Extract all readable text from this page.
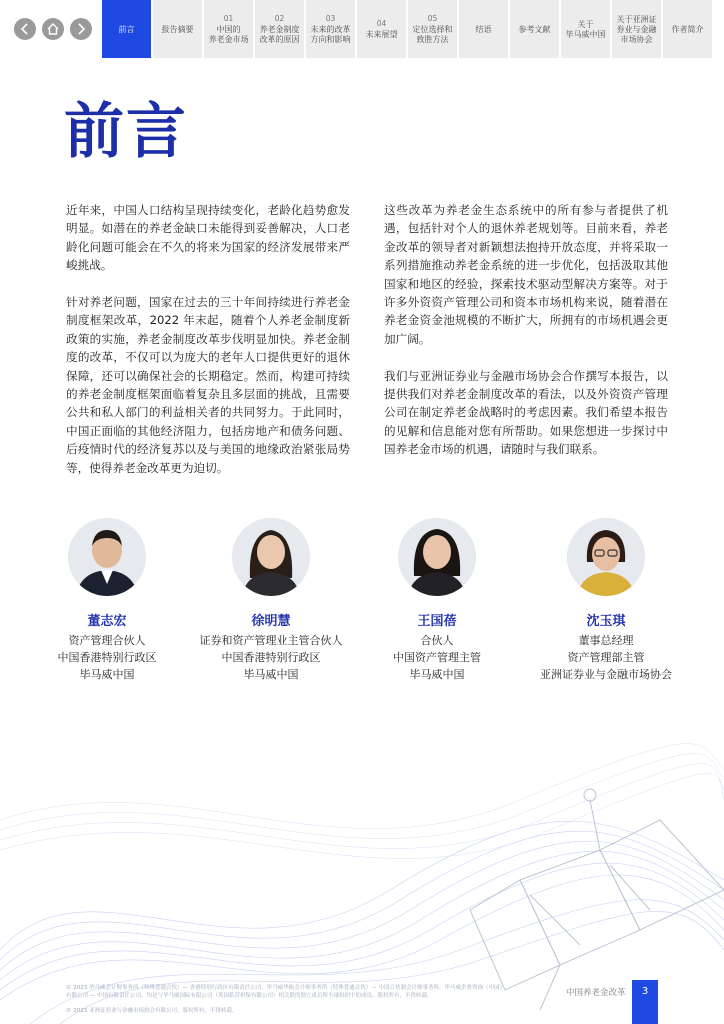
前言	报告摘要
01
中国的
养老金市场
02
养老金制度
改革的原因
03
未来的改革
方向和影响
04
未来展望
05
定位选择和
致胜方法
结语	参考文献
关于
毕马威中国
关于亚洲证
券业与金融
市场协会
作者简介
前言

近年来，中国人口结构呈现持续变化，老龄化趋势愈发明显。如潜在的养老金缺口未能得到妥善解决，人口老龄化问题可能会在不久的将来为国家的经济发展带来严峻挑战。

针对养老问题，国家在过去的三十年间持续进行养老金制度框架改革，2022 年末起，随着个人养老金制度新政策的实施，养老金制度改革步伐明显加快。养老金制度的改革，不仅可以为庞大的老年人口提供更好的退休保障，还可以确保社会的长期稳定。然而，构建可持续的养老金制度框架面临着复杂且多层面的挑战，且需要公共和私人部门的利益相关者的共同努力。于此同时，中国正面临的其他经济阻力，包括房地产和债务问题、后疫情时代的经济复苏以及与美国的地缘政治紧张局势等，使得养老金改革更为迫切。

这些改革为养老金生态系统中的所有参与者提供了机遇，包括针对个人的退休养老规划等。目前来看，养老金改革的领导者对新颖想法抱持开放态度，并将采取一系列措施推动养老金系统的进一步优化，包括汲取其他国家和地区的经验，探索技术驱动型解决方案等。对于许多外资资产管理公司和资本市场机构来说，随着潜在养老金资金池规模的不断扩大，所拥有的市场机遇会更加广阔。

我们与亚洲证券业与金融市场协会合作撰写本报告，以提供我们对养老金制度改革的看法，以及外资资产管理公司在制定养老金战略时的考虑因素。我们希望本报告的见解和信息能对您有所帮助。如果您想进一步探讨中国养老金市场的机遇，请随时与我们联系。

董志宏
资产管理合伙人
中国香港特别行政区
毕马威中国
徐明慧
证券和资产管理业主管合伙人
中国香港特别行政区
毕马威中国
王国蓓
合伙人
中国资产管理主管
毕马威中国
沈玉琪
董事总经理
资产管理部主管
亚洲证券业与金融市场协会
© 2023 毕马威会计师事务所（特殊普通合伙）— 香港特别行政区有限责任公司，毕马威华振会计师事务所（特殊普通合伙）— 中国合伙制会计师事务所，毕马威企业咨询（中国）有限公司 — 中国有限责任公司，均是与毕马威国际有限公司（英国私营担保有限公司）相关联的独立成员所全球组织中的成员。版权所有，不得转载。
© 2023 亚洲证券业与金融市场协会有限公司。版权所有，不得转载。
中国养老金改革	3
